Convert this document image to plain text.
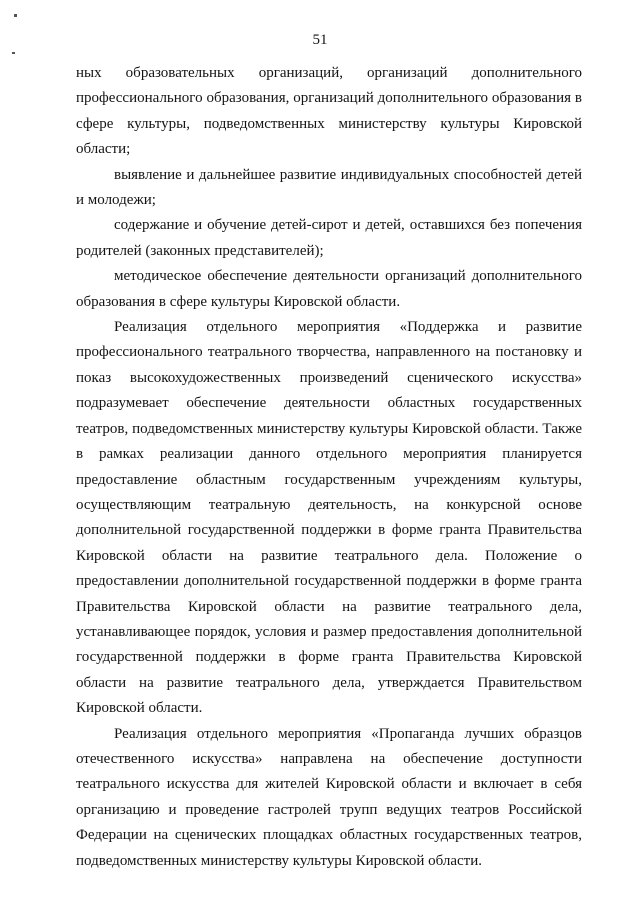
51

ных образовательных организаций, организаций дополнительного профессионального образования, организаций дополнительного образования в сфере культуры, подведомственных министерству культуры Кировской области;

выявление и дальнейшее развитие индивидуальных способностей детей и молодежи;

содержание и обучение детей-сирот и детей, оставшихся без попечения родителей (законных представителей);

методическое обеспечение деятельности организаций дополнительного образования в сфере культуры Кировской области.

Реализация отдельного мероприятия «Поддержка и развитие профессионального театрального творчества, направленного на постановку и показ высокохудожественных произведений сценического искусства» подразумевает обеспечение деятельности областных государственных театров, подведомственных министерству культуры Кировской области. Также в рамках реализации данного отдельного мероприятия планируется предоставление областным государственным учреждениям культуры, осуществляющим театральную деятельность, на конкурсной основе дополнительной государственной поддержки в форме гранта Правительства Кировской области на развитие театрального дела. Положение о предоставлении дополнительной государственной поддержки в форме гранта Правительства Кировской области на развитие театрального дела, устанавливающее порядок, условия и размер предоставления дополнительной государственной поддержки в форме гранта Правительства Кировской области на развитие театрального дела, утверждается Правительством Кировской области.

Реализация отдельного мероприятия «Пропаганда лучших образцов отечественного искусства» направлена на обеспечение доступности театрального искусства для жителей Кировской области и включает в себя организацию и проведение гастролей трупп ведущих театров Российской Федерации на сценических площадках областных государственных театров, подведомственных министерству культуры Кировской области.
